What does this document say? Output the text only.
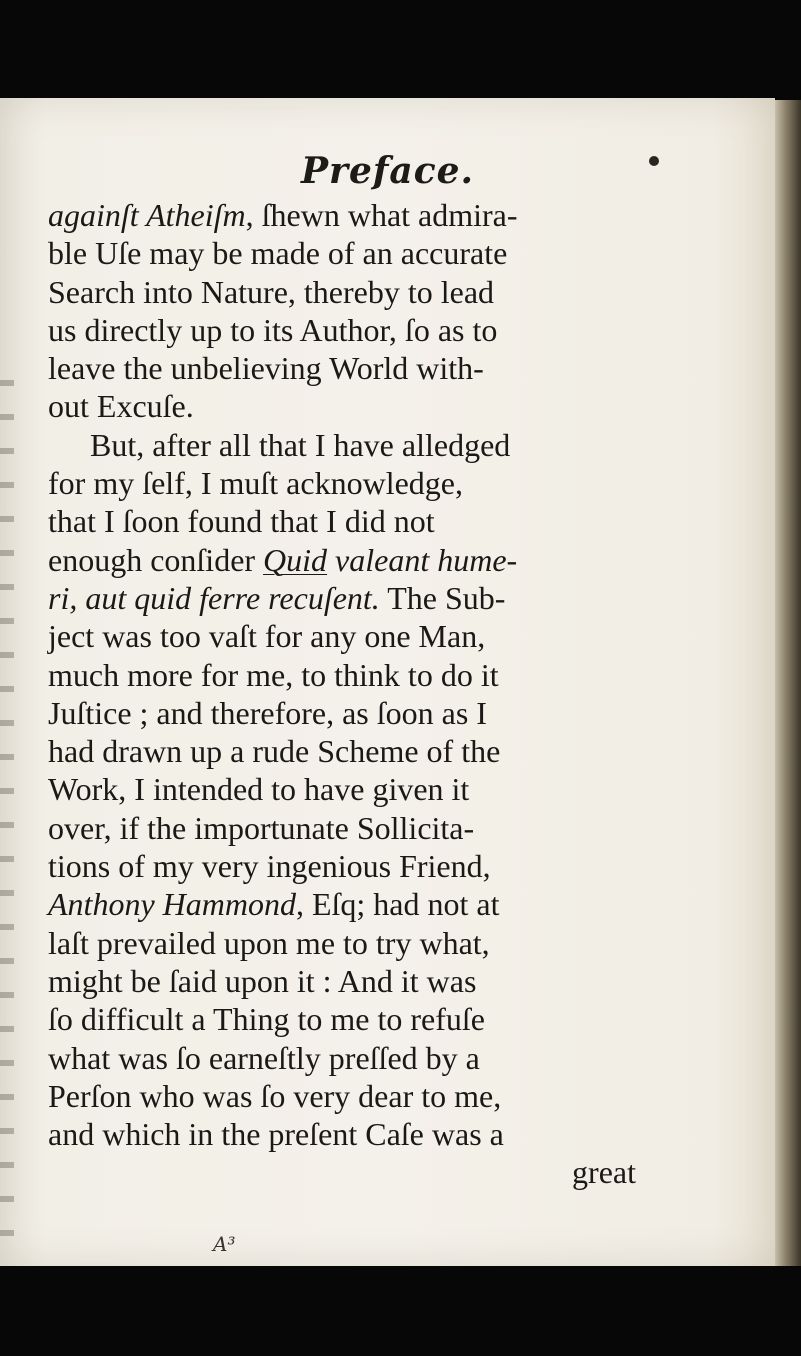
Preface.
againſt Atheiſm, ſhewn what admira-
ble Uſe may be made of an accurate
Search into Nature, thereby to lead
us directly up to its Author, ſo as to
leave the unbelieving World with-
out Excuſe.
But, after all that I have alledged
for my ſelf, I muſt acknowledge,
that I ſoon found that I did not
enough conſider Quid valeant hume-
ri, aut quid ferre recuſent. The Sub-
ject was too vaſt for any one Man,
much more for me, to think to do it
Juſtice ; and therefore, as ſoon as I
had drawn up a rude Scheme of the
Work, I intended to have given it
over, if the importunate Sollicita-
tions of my very ingenious Friend,
Anthony Hammond, Eſq; had not at
laſt prevailed upon me to try what,
might be ſaid upon it : And it was
ſo difficult a Thing to me to refuſe
what was ſo earneſtly preſſed by a
Perſon who was ſo very dear to me,
and which in the preſent Caſe was a
great
A³
